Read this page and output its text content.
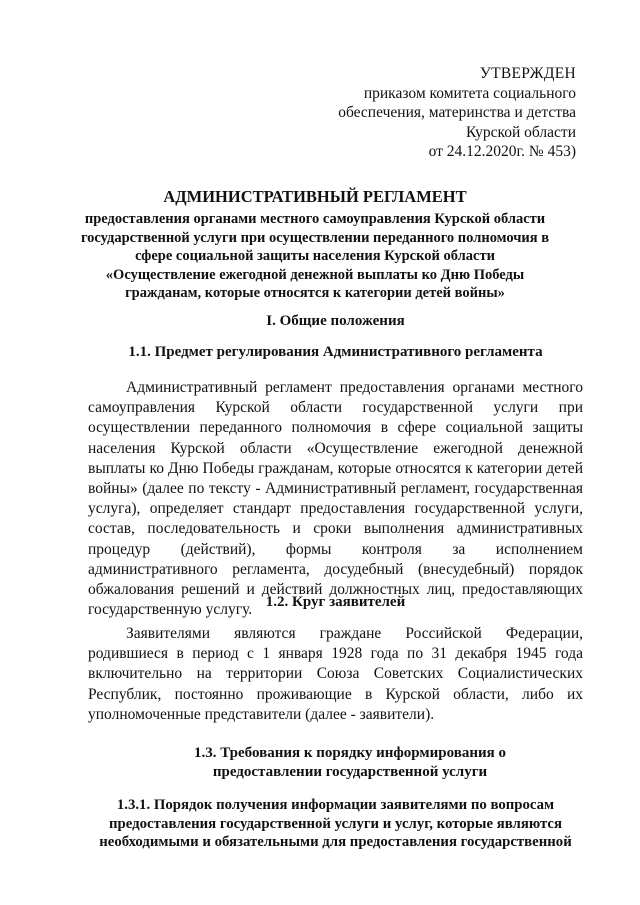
УТВЕРЖДЕН
приказом комитета социального
обеспечения, материнства и детства
Курской области
от 24.12.2020г. № 453)

АДМИНИСТРАТИВНЫЙ РЕГЛАМЕНТ

предоставления органами местного самоуправления Курской области государственной услуги при осуществлении переданного полномочия в сфере социальной защиты населения Курской области «Осуществление ежегодной денежной выплаты ко Дню Победы гражданам, которые относятся к категории детей войны»

I. Общие положения
1.1. Предмет регулирования Административного регламента

Административный регламент предоставления органами местного самоуправления Курской области государственной услуги при осуществлении переданного полномочия в сфере социальной защиты населения Курской области «Осуществление ежегодной денежной выплаты ко Дню Победы гражданам, которые относятся к категории детей войны» (далее по тексту - Административный регламент, государственная услуга), определяет стандарт предоставления государственной услуги, состав, последовательность и сроки выполнения административных процедур (действий), формы контроля за исполнением административного регламента, досудебный (внесудебный) порядок обжалования решений и действий должностных лиц, предоставляющих государственную услугу. 1.2. Круг заявителей

Заявителями являются граждане Российской Федерации, родившиеся в период с 1 января 1928 года по 31 декабря 1945 года включительно на территории Союза Советских Социалистических Республик, постоянно проживающие в Курской области, либо их уполномоченные представители (далее - заявители).

1.3. Требования к порядку информирования о предоставлении государственной услуги
1.3.1. Порядок получения информации заявителями по вопросам предоставления государственной услуги и услуг, которые являются необходимыми и обязательными для предоставления государственной
